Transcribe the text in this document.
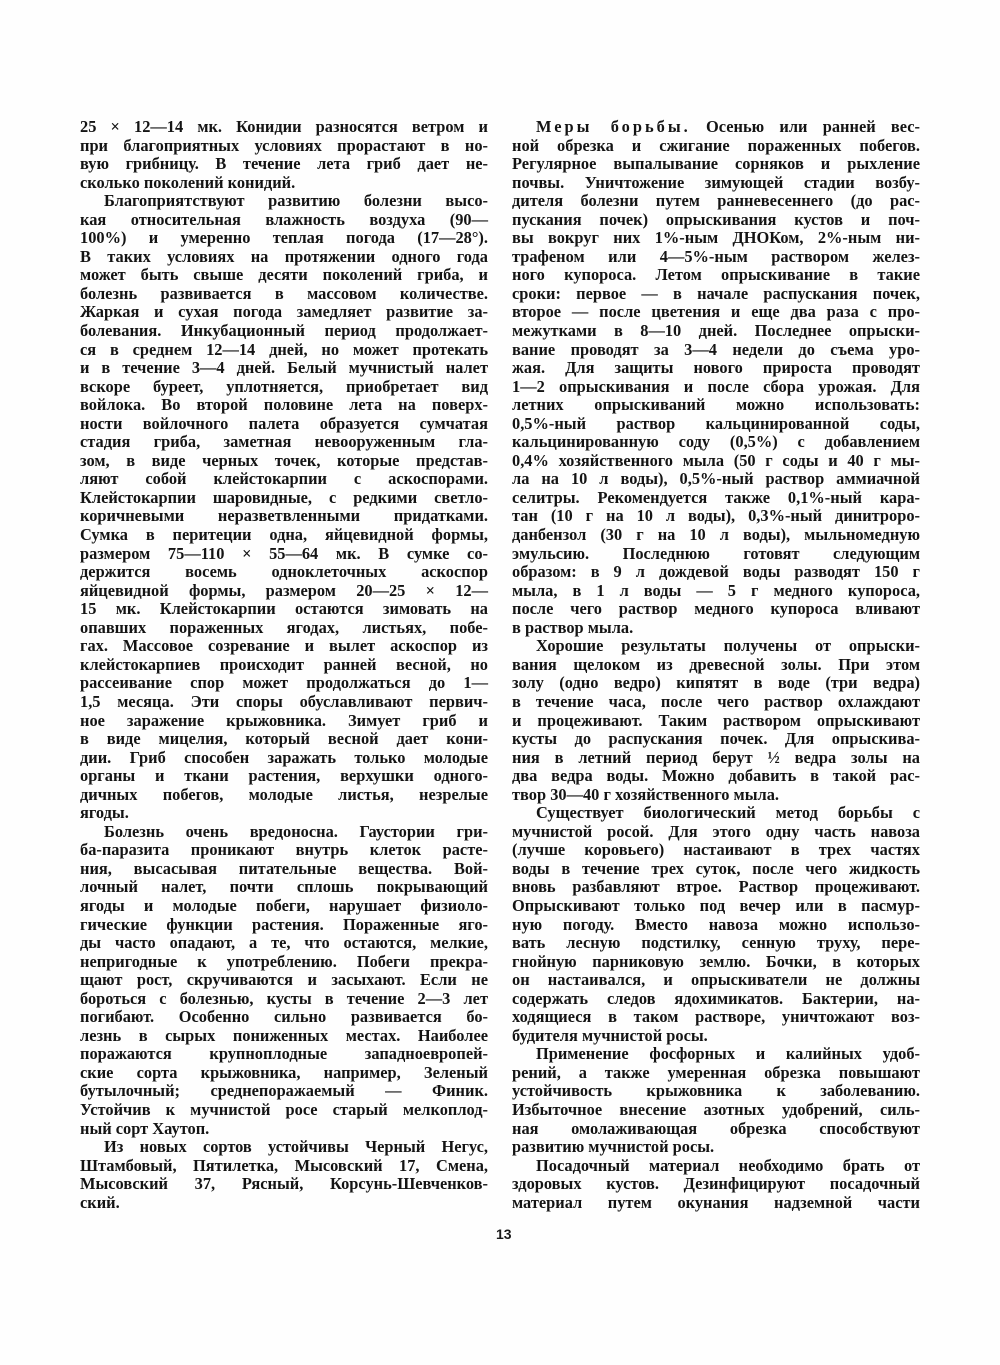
25 × 12—14 мк. Конидии разносятся ветром и
при благоприятных условиях прорастают в но-
вую грибницу. В течение лета гриб дает не-
сколько поколений конидий.
Благоприятствуют развитию болезни высо-
кая относительная влажность воздуха (90—
100%) и умеренно теплая погода (17—28°).
В таких условиях на протяжении одного года
может быть свыше десяти поколений гриба, и
болезнь развивается в массовом количестве.
Жаркая и сухая погода замедляет развитие за-
болевания. Инкубационный период продолжает-
ся в среднем 12—14 дней, но может протекать
и в течение 3—4 дней. Белый мучнистый налет
вскоре буреет, уплотняется, приобретает вид
войлока. Во второй половине лета на поверх-
ности войлочного палета образуется сумчатая
стадия гриба, заметная невооруженным гла-
зом, в виде черных точек, которые представ-
ляют собой клейстокарпии с аскоспорами.
Клейстокарпии шаровидные, с редкими светло-
коричневыми неразветвленными придатками.
Сумка в перитеции одна, яйцевидной формы,
размером 75—110 × 55—64 мк. В сумке со-
держится восемь одноклеточных аскоспор
яйцевидной формы, размером 20—25 × 12—
15 мк. Клейстокарпии остаются зимовать на
опавших пораженных ягодах, листьях, побе-
гах. Массовое созревание и вылет аскоспор из
клейстокарпиев происходит ранней весной, но
рассеивание спор может продолжаться до 1—
1,5 месяца. Эти споры обуславливают первич-
ное заражение крыжовника. Зимует гриб и
в виде мицелия, который весной дает кони-
дии. Гриб способен заражать только молодые
органы и ткани растения, верхушки одного-
дичных побегов, молодые листья, незрелые
ягоды.
Болезнь очень вредоносна. Гаустории гри-
ба-паразита проникают внутрь клеток расте-
ния, высасывая питательные вещества. Вой-
лочный налет, почти сплошь покрывающий
ягоды и молодые побеги, нарушает физиоло-
гические функции растения. Пораженные яго-
ды часто опадают, а те, что остаются, мелкие,
непригодные к употреблению. Побеги прекра-
щают рост, скручиваются и засыхают. Если не
бороться с болезнью, кусты в течение 2—3 лет
погибают. Особенно сильно развивается бо-
лезнь в сырых пониженных местах. Наиболее
поражаются крупноплодные западноевропей-
ские сорта крыжовника, например, Зеленый
бутылочный; среднепоражаемый — Финик.
Устойчив к мучнистой росе старый мелкоплод-
ный сорт Хаутоп.
Из новых сортов устойчивы Черный Негус,
Штамбовый, Пятилетка, Мысовский 17, Смена,
Мысовский 37, Рясный, Корсунь-Шевченков-
ский.
Меры борьбы. Осенью или ранней вес-
ной обрезка и сжигание пораженных побегов.
Регулярное выпалывание сорняков и рыхление
почвы. Уничтожение зимующей стадии возбу-
дителя болезни путем ранневесеннего (до рас-
пускания почек) опрыскивания кустов и поч-
вы вокруг них 1%-ным ДНОКом, 2%-ным ни-
трафеном или 4—5%-ным раствором желез-
ного купороса. Летом опрыскивание в такие
сроки: первое — в начале распускания почек,
второе — после цветения и еще два раза с про-
межутками в 8—10 дней. Последнее опрыски-
вание проводят за 3—4 недели до съема уро-
жая. Для защиты нового прироста проводят
1—2 опрыскивания и после сбора урожая. Для
летних опрыскиваний можно использовать:
0,5%-ный раствор кальцинированной соды,
кальцинированную соду (0,5%) с добавлением
0,4% хозяйственного мыла (50 г соды и 40 г мы-
ла на 10 л воды), 0,5%-ный раствор аммиачной
селитры. Рекомендуется также 0,1%-ный кара-
тан (10 г на 10 л воды), 0,3%-ный динитроро-
данбензол (30 г на 10 л воды), мыльномедную
эмульсию. Последнюю готовят следующим
образом: в 9 л дождевой воды разводят 150 г
мыла, в 1 л воды — 5 г медного купороса,
после чего раствор медного купороса вливают
в раствор мыла.
Хорошие результаты получены от опрыски-
вания щелоком из древесной золы. При этом
золу (одно ведро) кипятят в воде (три ведра)
в течение часа, после чего раствор охлаждают
и процеживают. Таким раствором опрыскивают
кусты до распускания почек. Для опрыскива-
ния в летний период берут ½ ведра золы на
два ведра воды. Можно добавить в такой рас-
твор 30—40 г хозяйственного мыла.
Существует биологический метод борьбы с
мучнистой росой. Для этого одну часть навоза
(лучше коровьего) настаивают в трех частях
воды в течение трех суток, после чего жидкость
вновь разбавляют втрое. Раствор процеживают.
Опрыскивают только под вечер или в пасмур-
ную погоду. Вместо навоза можно использо-
вать лесную подстилку, сенную труху, пере-
гнойную парниковую землю. Бочки, в которых
он настаивался, и опрыскиватели не должны
содержать следов ядохимикатов. Бактерии, на-
ходящиеся в таком растворе, уничтожают воз-
будителя мучнистой росы.
Применение фосфорных и калийных удоб-
рений, а также умеренная обрезка повышают
устойчивость крыжовника к заболеванию.
Избыточное внесение азотных удобрений, силь-
ная омолаживающая обрезка способствуют
развитию мучнистой росы.
Посадочный материал необходимо брать от
здоровых кустов. Дезинфицируют посадочный
материал путем окунания надземной части
13
